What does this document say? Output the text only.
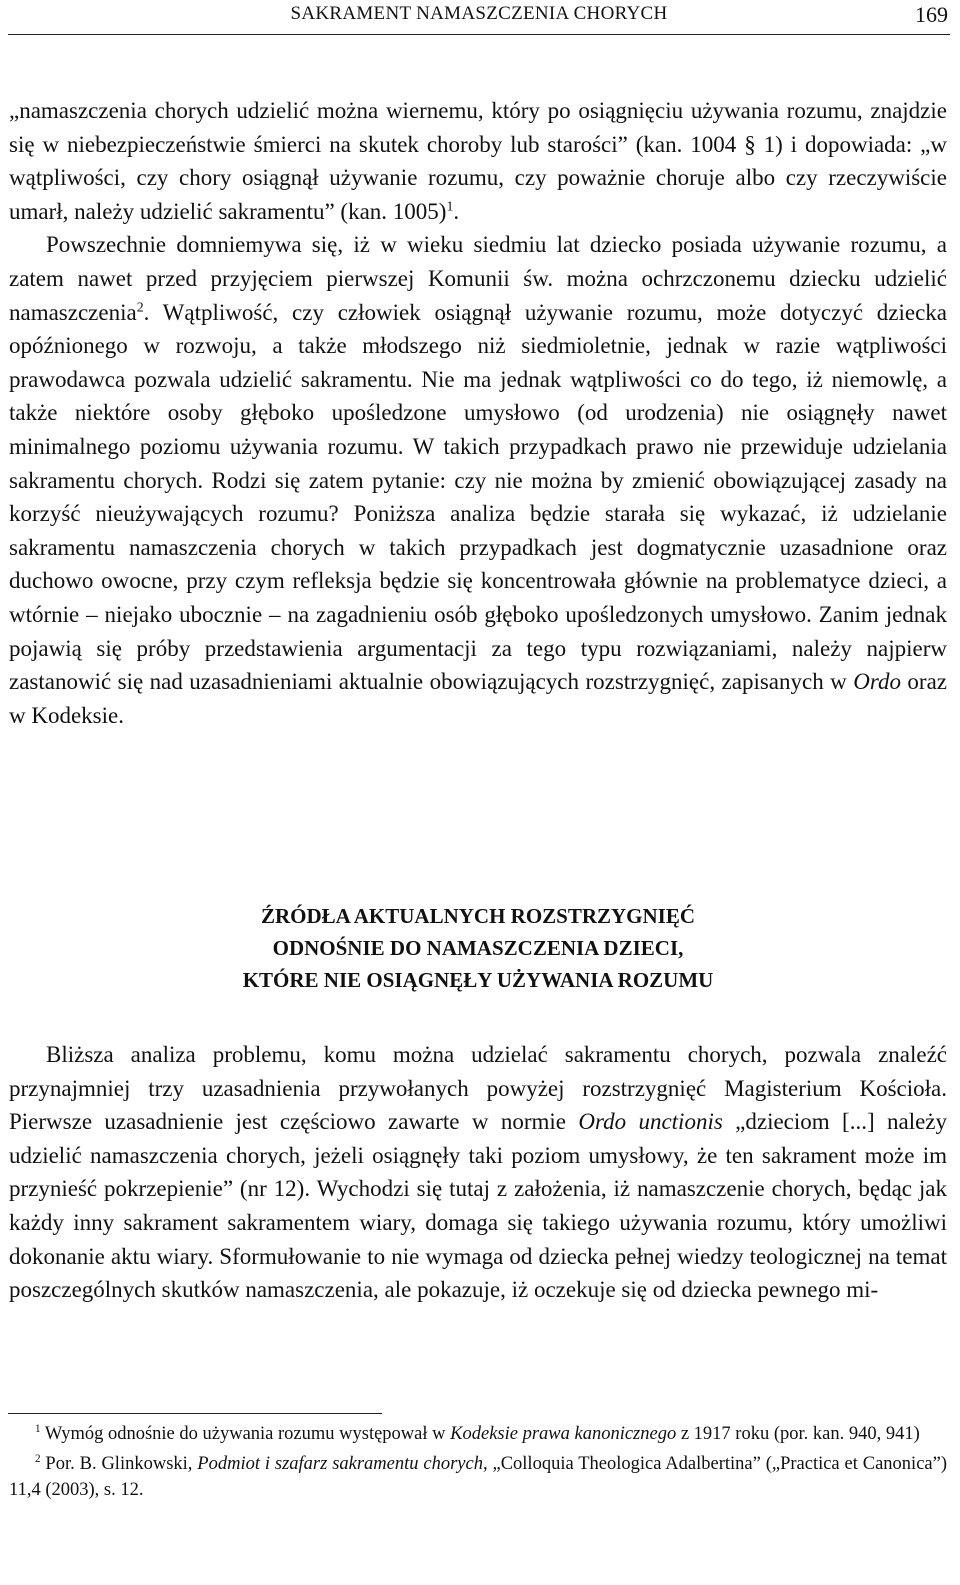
SAKRAMENT NAMASZCZENIA CHORYCH	169

„namaszczenia chorych udzielić można wiernemu, który po osiągnięciu używania rozumu, znajdzie się w niebezpieczeństwie śmierci na skutek choroby lub starości” (kan. 1004 § 1) i dopowiada: „w wątpliwości, czy chory osiągnął używanie rozumu, czy poważnie choruje albo czy rzeczywiście umarł, należy udzielić sakramentu” (kan. 1005)$^1$.

Powszechnie domniemywa się, iż w wieku siedmiu lat dziecko posiada używanie rozumu, a zatem nawet przed przyjęciem pierwszej Komunii św. można ochrzczonemu dziecku udzielić namaszczenia$^2$. Wątpliwość, czy człowiek osiągnął używanie rozumu, może dotyczyć dziecka opóźnionego w rozwoju, a także młodszego niż siedmioletnie, jednak w razie wątpliwości prawodawca pozwala udzielić sakramentu. Nie ma jednak wątpliwości co do tego, iż niemowlę, a także niektóre osoby głęboko upośledzone umysłowo (od urodzenia) nie osiągnęły nawet minimalnego poziomu używania rozumu. W takich przypadkach prawo nie przewiduje udzielania sakramentu chorych. Rodzi się zatem pytanie: czy nie można by zmienić obowiązującej zasady na korzyść nieużywających rozumu? Poniższa analiza będzie starała się wykazać, iż udzielanie sakramentu namaszczenia chorych w takich przypadkach jest dogmatycznie uzasadnione oraz duchowo owocne, przy czym refleksja będzie się koncentrowała głównie na problematyce dzieci, a wtórnie – niejako ubocznie – na zagadnieniu osób głęboko upośledzonych umysłowo. Zanim jednak pojawią się próby przedstawienia argumentacji za tego typu rozwiązaniami, należy najpierw zastanowić się nad uzasadnieniami aktualnie obowiązujących rozstrzygnięć, zapisanych w Ordo oraz w Kodeksie.

ŹRÓDŁA AKTUALNYCH ROZSTRZYGNIĘĆ
ODNOŚNIE DO NAMASZCZENIA DZIECI,
KTÓRE NIE OSIĄGNĘŁY UŻYWANIA ROZUMU

Bliższa analiza problemu, komu można udzielać sakramentu chorych, pozwala znaleźć przynajmniej trzy uzasadnienia przywołanych powyżej rozstrzygnięć Magisterium Kościoła. Pierwsze uzasadnienie jest częściowo zawarte w normie Ordo unctionis „dzieciom [...] należy udzielić namaszczenia chorych, jeżeli osiągnęły taki poziom umysłowy, że ten sakrament może im przynieść pokrzepienie” (nr 12). Wychodzi się tutaj z założenia, iż namaszczenie chorych, będąc jak każdy inny sakrament sakramentem wiary, domaga się takiego używania rozumu, który umożliwi dokonanie aktu wiary. Sformułowanie to nie wymaga od dziecka pełnej wiedzy teologicznej na temat poszczególnych skutków namaszczenia, ale pokazuje, iż oczekuje się od dziecka pewnego mi-

$^1$ Wymóg odnośnie do używania rozumu występował w Kodeksie prawa kanonicznego z 1917 roku (por. kan. 940, 941)

$^2$ Por. B. Glinkowski, Podmiot i szafarz sakramentu chorych, „Colloquia Theologica Adalbertina” („Practica et Canonica”) 11,4 (2003), s. 12.
